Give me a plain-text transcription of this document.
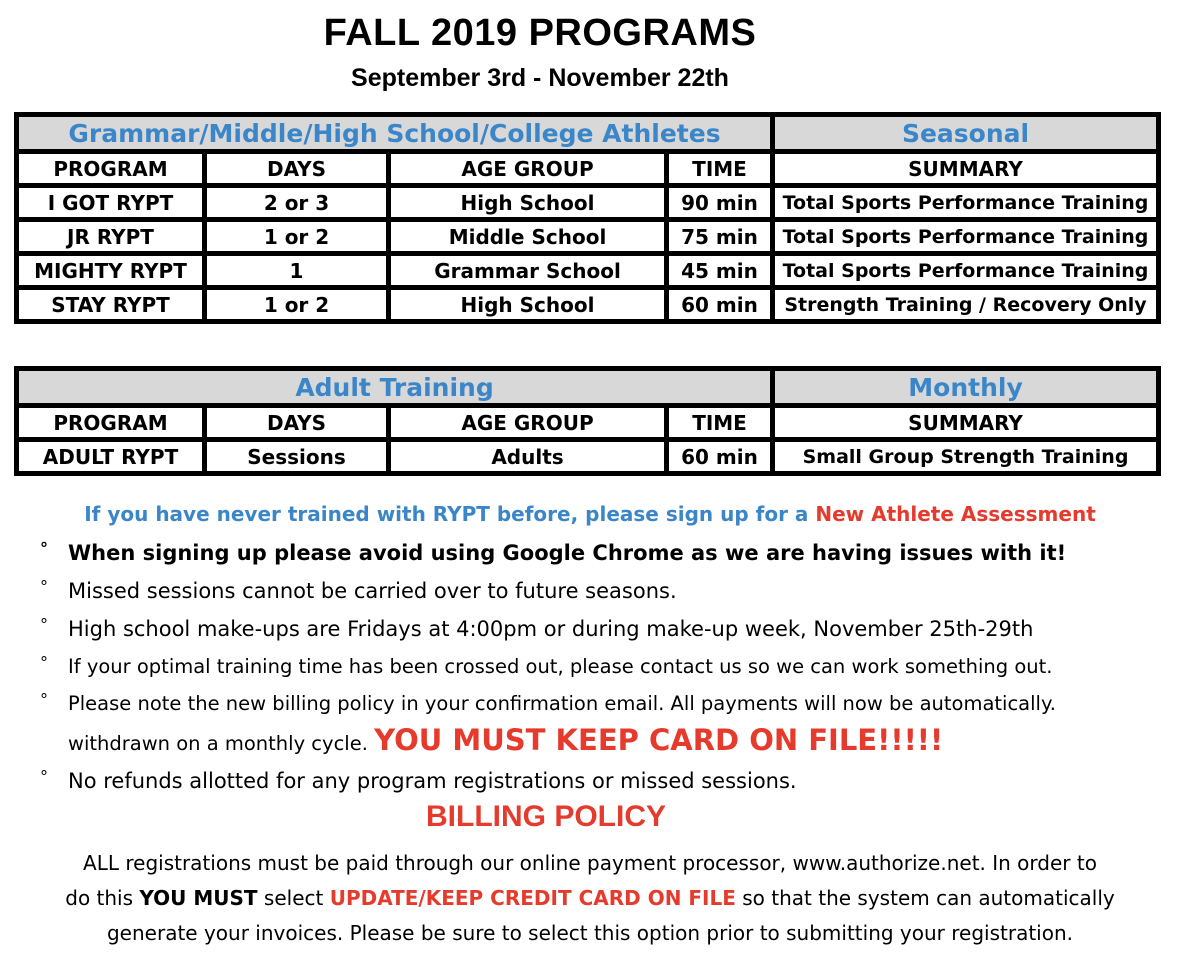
FALL 2019 PROGRAMS
September 3rd - November 22th
Grammar/Middle/High School/College Athletes				Seasonal
PROGRAM	DAYS	AGE GROUP	TIME	SUMMARY
I GOT RYPT	2 or 3	High School	90 min	Total Sports Performance Training
JR RYPT	1 or 2	Middle School	75 min	Total Sports Performance Training
MIGHTY RYPT	1	Grammar School	45 min	Total Sports Performance Training
STAY RYPT	1 or 2	High School	60 min	Strength Training / Recovery Only
Adult Training				Monthly
PROGRAM	DAYS	AGE GROUP	TIME	SUMMARY
ADULT RYPT	Sessions	Adults	60 min	Small Group Strength Training
If you have never trained with RYPT before, please sign up for a New Athlete Assessment
° When signing up please avoid using Google Chrome as we are having issues with it!
° Missed sessions cannot be carried over to future seasons.
° High school make-ups are Fridays at 4:00pm or during make-up week, November 25th-29th
° If your optimal training time has been crossed out, please contact us so we can work something out.
° Please note the new billing policy in your confirmation email. All payments will now be automatically.
withdrawn on a monthly cycle. YOU MUST KEEP CARD ON FILE!!!!!
° No refunds allotted for any program registrations or missed sessions.
BILLING POLICY
ALL registrations must be paid through our online payment processor, www.authorize.net. In order to
do this YOU MUST select UPDATE/KEEP CREDIT CARD ON FILE so that the system can automatically
generate your invoices. Please be sure to select this option prior to submitting your registration.
